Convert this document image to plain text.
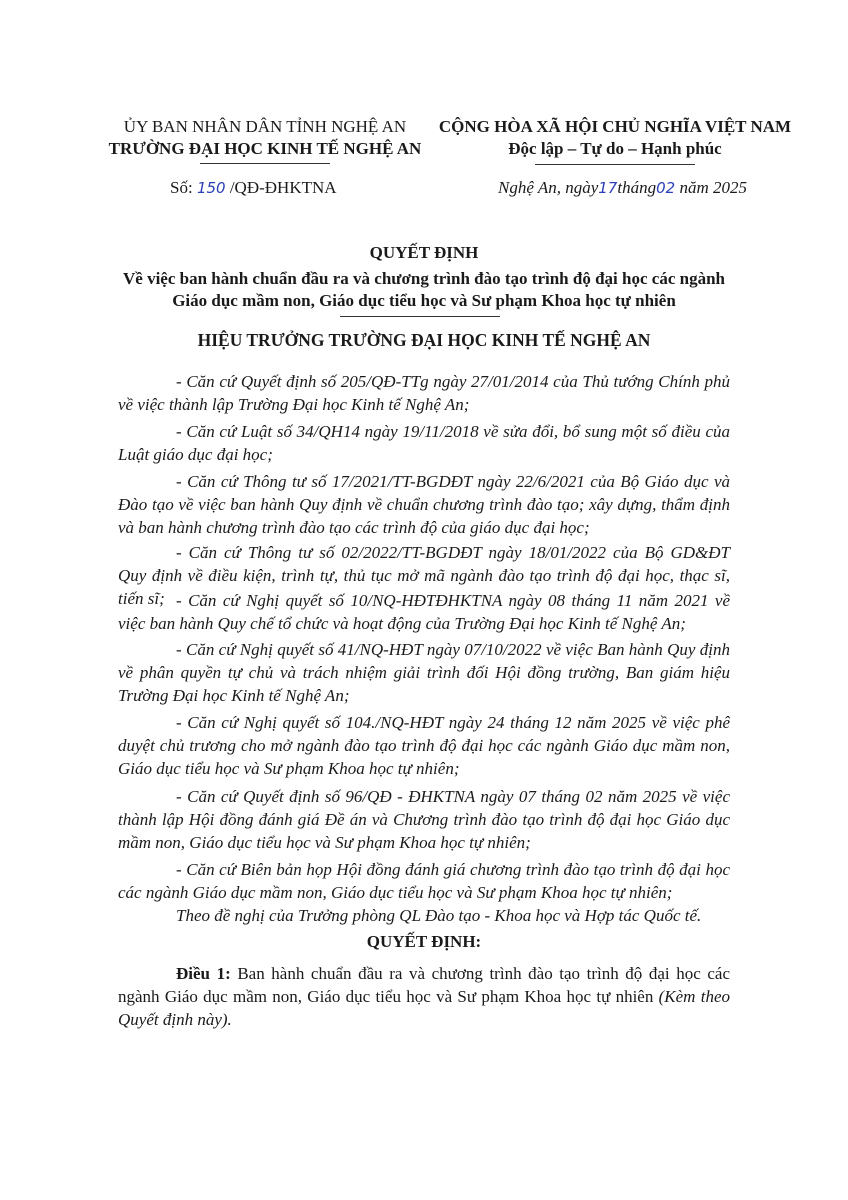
ỦY BAN NHÂN DÂN TỈNH NGHỆ AN
TRƯỜNG ĐẠI HỌC KINH TẾ NGHỆ AN
CỘNG HÒA XÃ HỘI CHỦ NGHĨA VIỆT NAM
Độc lập – Tự do – Hạnh phúc
Số: 150 /QĐ-ĐHKTNA	Nghệ An, ngày17tháng02 năm 2025
QUYẾT ĐỊNH
Về việc ban hành chuẩn đầu ra và chương trình đào tạo trình độ đại học các ngành Giáo dục mầm non, Giáo dục tiểu học và Sư phạm Khoa học tự nhiên
HIỆU TRƯỞNG TRƯỜNG ĐẠI HỌC KINH TẾ NGHỆ AN
- Căn cứ Quyết định số 205/QĐ-TTg ngày 27/01/2014 của Thủ tướng Chính phủ về việc thành lập Trường Đại học Kinh tế Nghệ An;
- Căn cứ Luật số 34/QH14 ngày 19/11/2018 về sửa đổi, bổ sung một số điều của Luật giáo dục đại học;
- Căn cứ Thông tư số 17/2021/TT-BGDĐT ngày 22/6/2021 của Bộ Giáo dục và Đào tạo về việc ban hành Quy định về chuẩn chương trình đào tạo; xây dựng, thẩm định và ban hành chương trình đào tạo các trình độ của giáo dục đại học;
- Căn cứ Thông tư số 02/2022/TT-BGDĐT ngày 18/01/2022 của Bộ GD&ĐT Quy định về điều kiện, trình tự, thủ tục mở mã ngành đào tạo trình độ đại học, thạc sĩ, tiến sĩ; - Căn cứ Nghị quyết số 10/NQ-HĐTĐHKTNA ngày 08 tháng 11 năm 2021 về việc ban hành Quy chế tổ chức và hoạt động của Trường Đại học Kinh tế Nghệ An;
- Căn cứ Nghị quyết số 41/NQ-HĐT ngày 07/10/2022 về việc Ban hành Quy định về phân quyền tự chủ và trách nhiệm giải trình đối Hội đồng trường, Ban giám hiệu Trường Đại học Kinh tế Nghệ An;
- Căn cứ Nghị quyết số 104./NQ-HĐT ngày 24 tháng 12 năm 2025 về việc phê duyệt chủ trương cho mở ngành đào tạo trình độ đại học các ngành Giáo dục mầm non, Giáo dục tiểu học và Sư phạm Khoa học tự nhiên;
- Căn cứ Quyết định số 96/QĐ - ĐHKTNA ngày 07 tháng 02 năm 2025 về việc thành lập Hội đồng đánh giá Đề án và Chương trình đào tạo trình độ đại học Giáo dục mầm non, Giáo dục tiểu học và Sư phạm Khoa học tự nhiên;
- Căn cứ Biên bản họp Hội đồng đánh giá chương trình đào tạo trình độ đại học các ngành Giáo dục mầm non, Giáo dục tiểu học và Sư phạm Khoa học tự nhiên;
Theo đề nghị của Trưởng phòng QL Đào tạo - Khoa học và Hợp tác Quốc tế.
QUYẾT ĐỊNH:
Điều 1: Ban hành chuẩn đầu ra và chương trình đào tạo trình độ đại học các ngành Giáo dục mầm non, Giáo dục tiểu học và Sư phạm Khoa học tự nhiên (Kèm theo Quyết định này).
